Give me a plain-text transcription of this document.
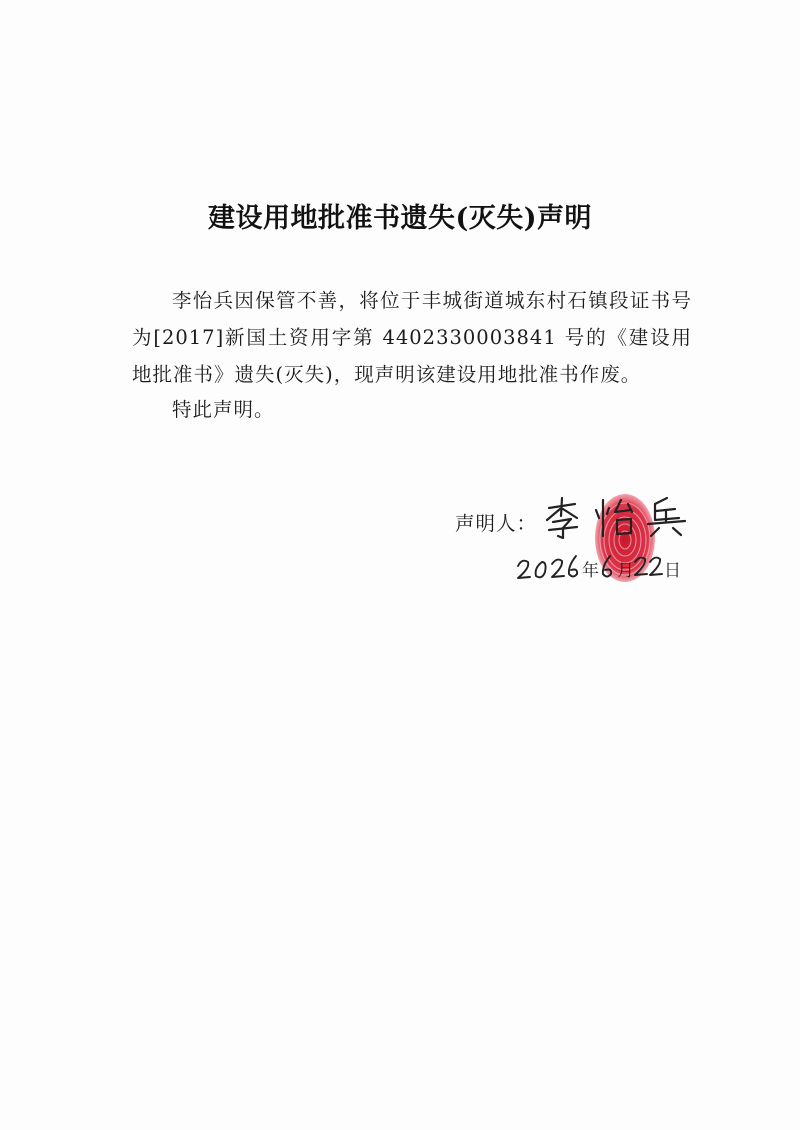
建设用地批准书遗失(灭失)声明
李怡兵因保管不善，将位于丰城街道城东村石镇段证书号为[2017]新国土资用字第 4402330003841 号的《建设用地批准书》遗失(灭失)，现声明该建设用地批准书作废。
特此声明。
声明人：
年 月 日
